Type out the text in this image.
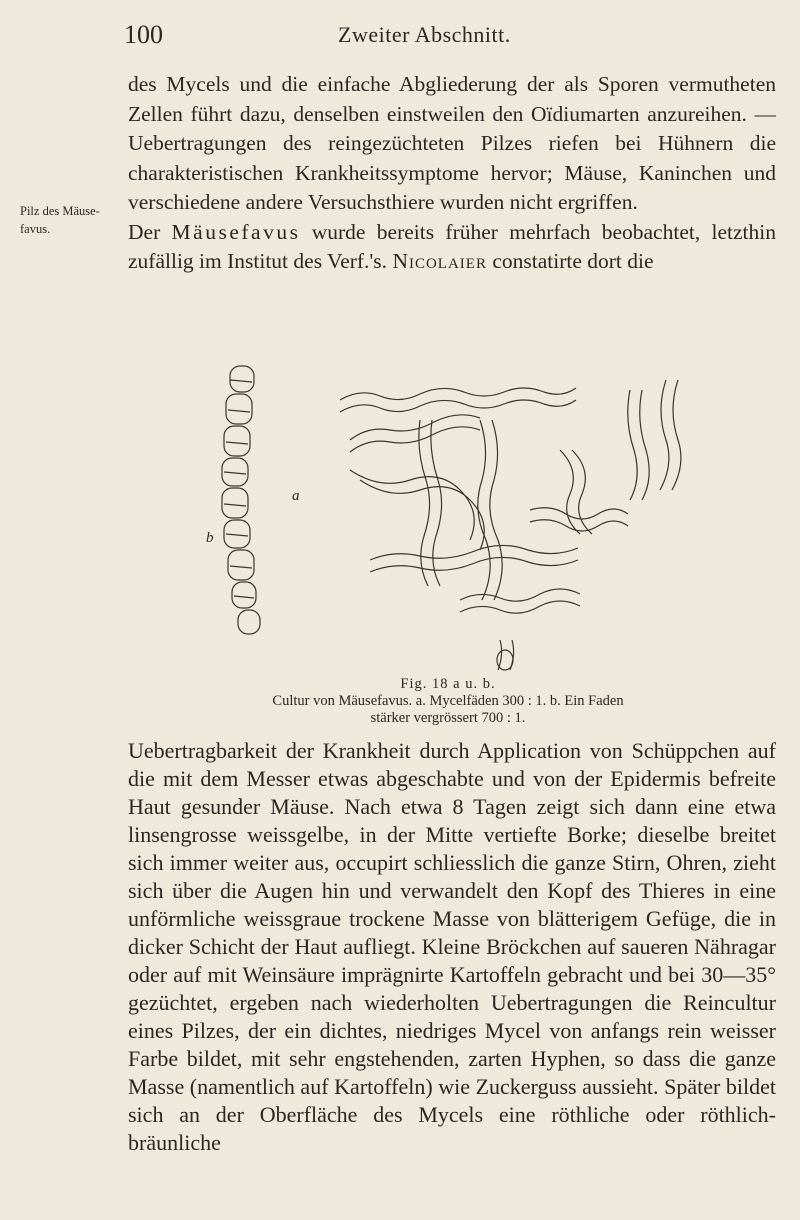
100	Zweiter Abschnitt.
Pilz des Mäuse-
favus.
des Mycels und die einfache Abgliederung der als Sporen vermutheten Zellen führt dazu, denselben einstweilen den Oïdiumarten anzureihen. — Uebertragungen des reingezüchteten Pilzes riefen bei Hühnern die charakteristischen Krankheitssymptome hervor; Mäuse, Kaninchen und verschiedene andere Versuchsthiere wurden nicht ergriffen.
Der Mäusefavus wurde bereits früher mehrfach beobachtet, letzthin zufällig im Institut des Verf.'s. Nicolaier constatirte dort die
a
b
Fig. 18 a u. b.
Cultur von Mäusefavus. a. Mycelfäden 300 : 1. b. Ein Faden
stärker vergrössert 700 : 1.
Uebertragbarkeit der Krankheit durch Application von Schüppchen auf die mit dem Messer etwas abgeschabte und von der Epidermis befreite Haut gesunder Mäuse. Nach etwa 8 Tagen zeigt sich dann eine etwa linsengrosse weissgelbe, in der Mitte vertiefte Borke; dieselbe breitet sich immer weiter aus, occupirt schliesslich die ganze Stirn, Ohren, zieht sich über die Augen hin und verwandelt den Kopf des Thieres in eine unförmliche weissgraue trockene Masse von blätterigem Gefüge, die in dicker Schicht der Haut aufliegt. Kleine Bröckchen auf saueren Nähragar oder auf mit Weinsäure imprägnirte Kartoffeln gebracht und bei 30—35° gezüchtet, ergeben nach wiederholten Uebertragungen die Reincultur eines Pilzes, der ein dichtes, niedriges Mycel von anfangs rein weisser Farbe bildet, mit sehr engstehenden, zarten Hyphen, so dass die ganze Masse (namentlich auf Kartoffeln) wie Zuckerguss aussieht. Später bildet sich an der Oberfläche des Mycels eine röthliche oder röthlich-bräunliche
